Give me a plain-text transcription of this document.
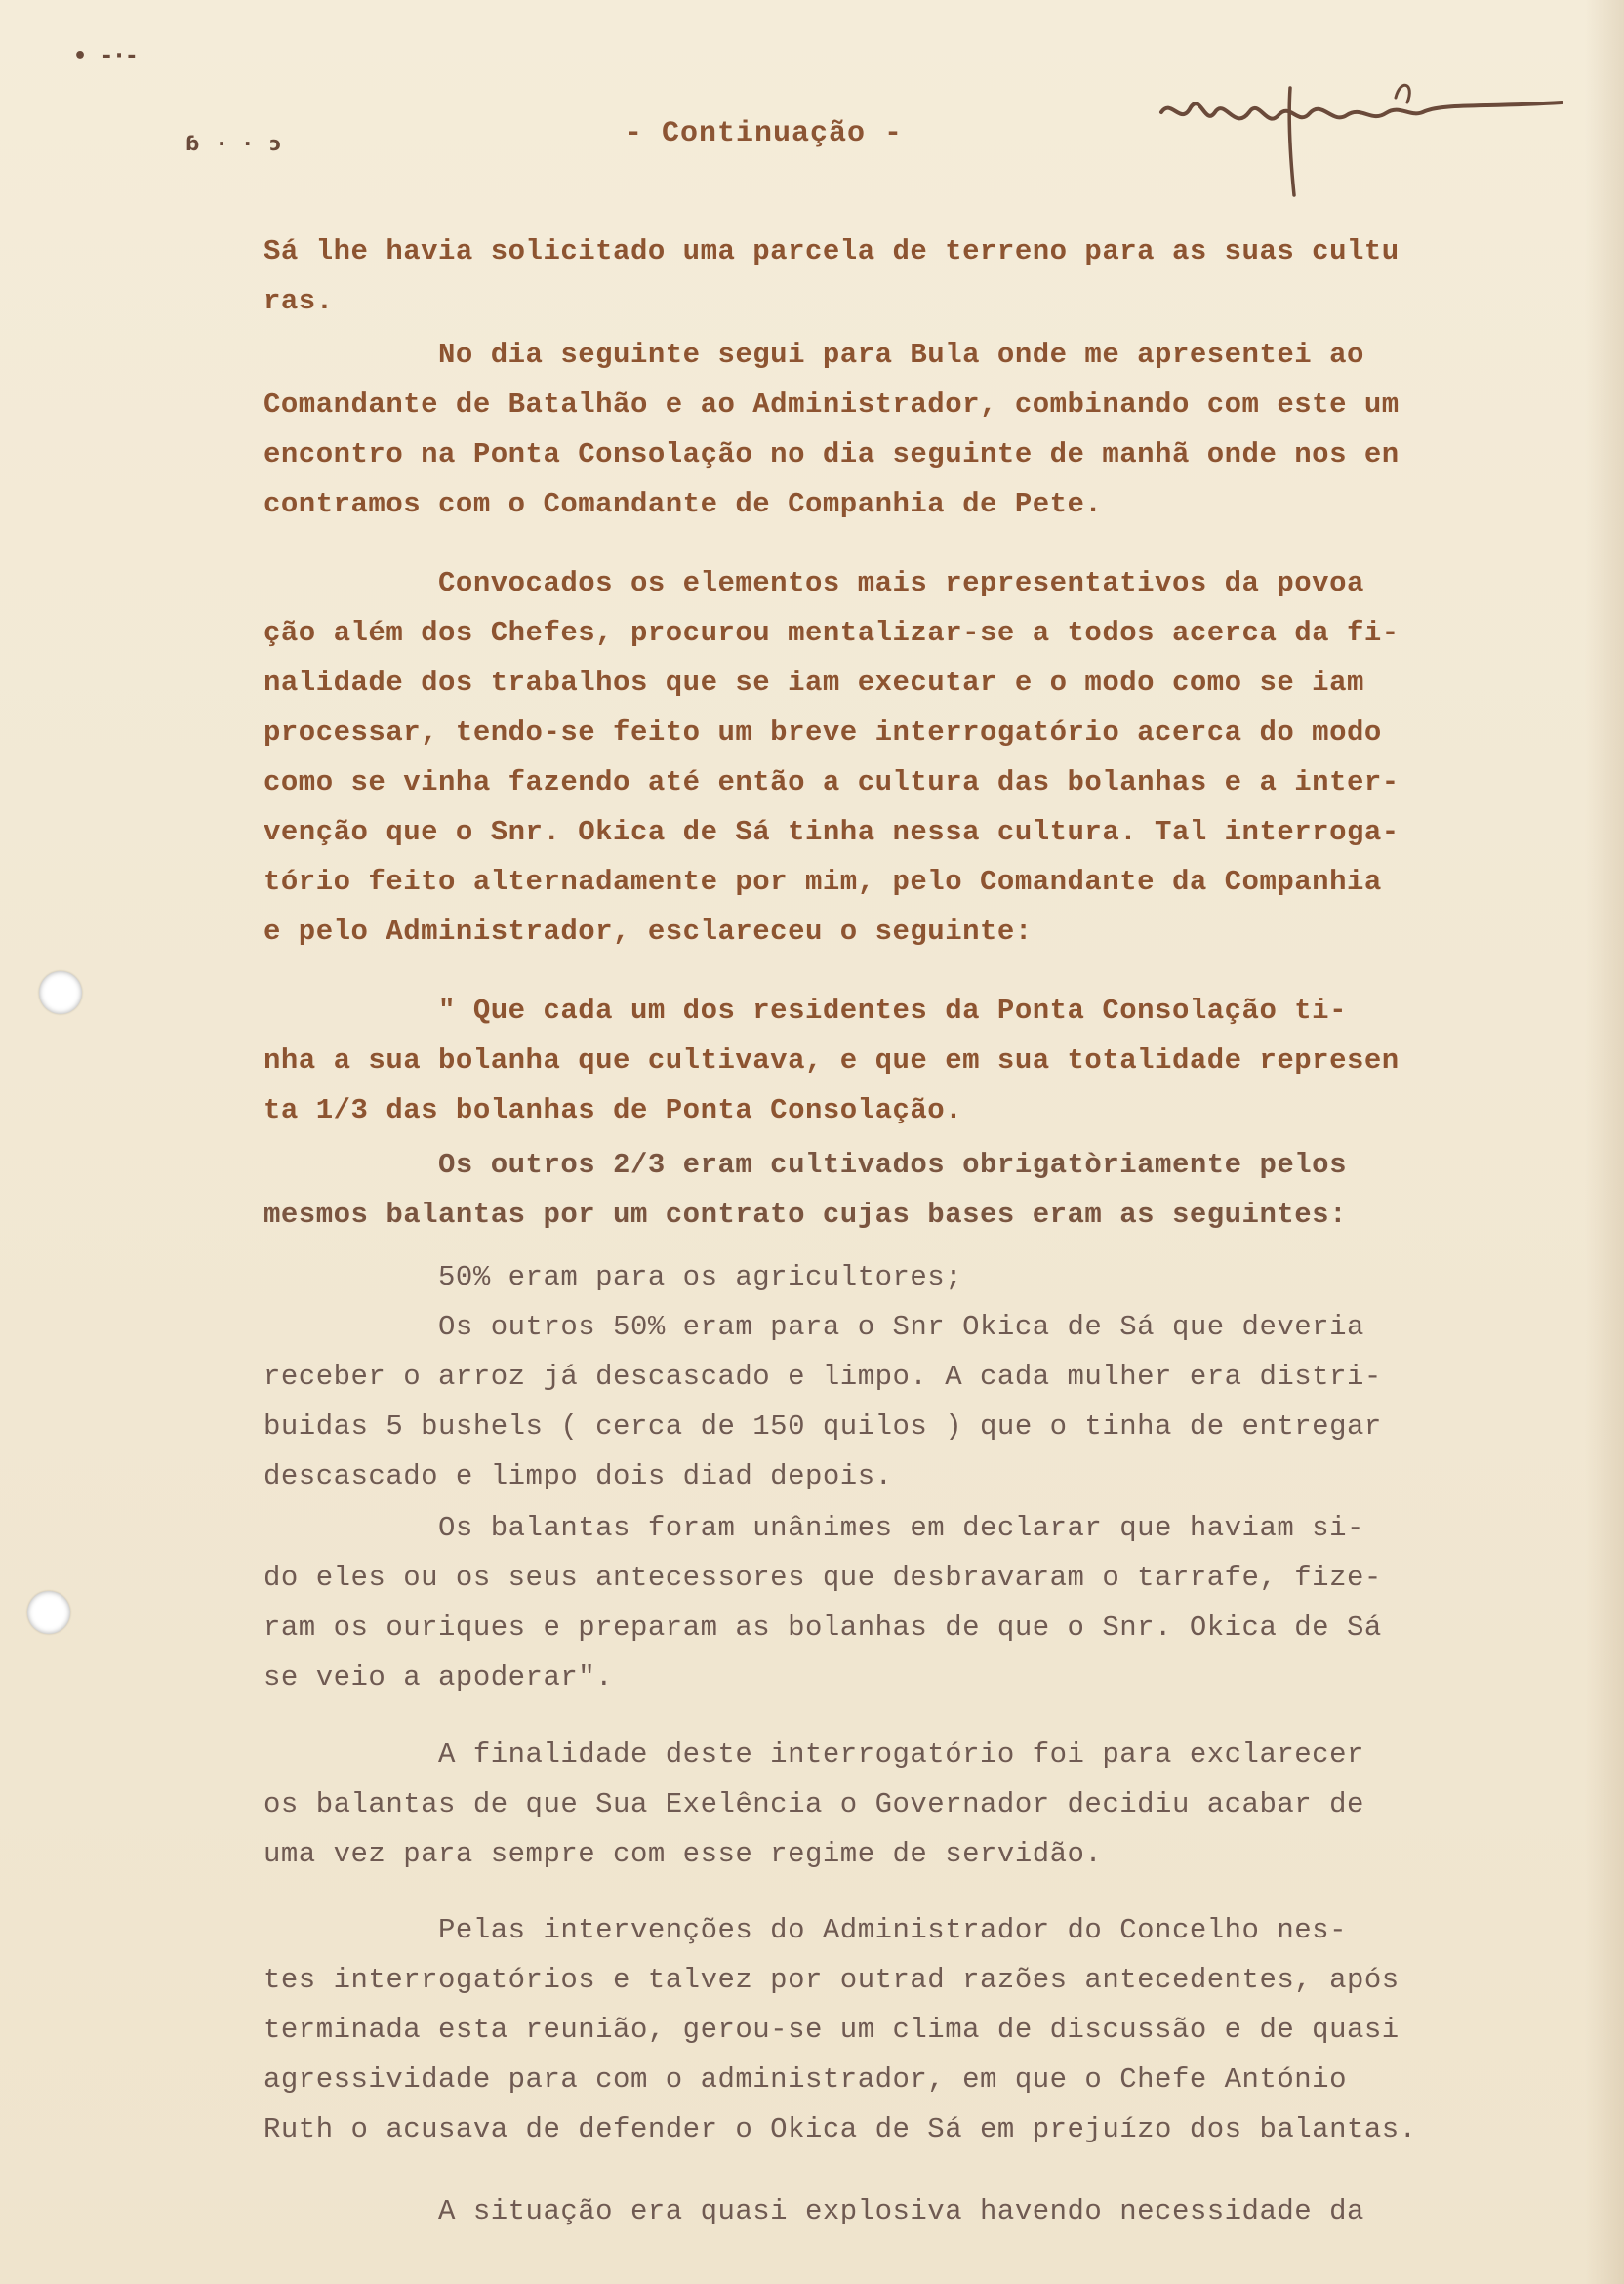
• -·-
ɓ · · ɔ	- Continuação -
Sá lhe havia solicitado uma parcela de terreno para as suas cultu
ras.
No dia seguinte segui para Bula onde me apresentei ao
Comandante de Batalhão e ao Administrador, combinando com este um
encontro na Ponta Consolação no dia seguinte de manhã onde nos en
contramos com o Comandante de Companhia de Pete.
Convocados os elementos mais representativos da povoa
ção além dos Chefes, procurou mentalizar-se a todos acerca da fi-
nalidade dos trabalhos que se iam executar e o modo como se iam
processar, tendo-se feito um breve interrogatório acerca do modo
como se vinha fazendo até então a cultura das bolanhas e a inter-
venção que o Snr. Okica de Sá tinha nessa cultura. Tal interroga-
tório feito alternadamente por mim, pelo Comandante da Companhia
e pelo Administrador, esclareceu o seguinte:
" Que cada um dos residentes da Ponta Consolação ti-
nha a sua bolanha que cultivava, e que em sua totalidade represen
ta 1/3 das bolanhas de Ponta Consolação.
Os outros 2/3 eram cultivados obrigatòriamente pelos
mesmos balantas por um contrato cujas bases eram as seguintes:
50% eram para os agricultores;
Os outros 50% eram para o Snr Okica de Sá que deveria
receber o arroz já descascado e limpo. A cada mulher era distri-
buidas 5 bushels ( cerca de 150 quilos ) que o tinha de entregar
descascado e limpo dois diad depois.
Os balantas foram unânimes em declarar que haviam si-
do eles ou os seus antecessores que desbravaram o tarrafe, fize-
ram os ouriques e preparam as bolanhas de que o Snr. Okica de Sá
se veio a apoderar".
A finalidade deste interrogatório foi para exclarecer
os balantas de que Sua Exelência o Governador decidiu acabar de
uma vez para sempre com esse regime de servidão.
Pelas intervenções do Administrador do Concelho nes-
tes interrogatórios e talvez por outrad razões antecedentes, após
terminada esta reunião, gerou-se um clima de discussão e de quasi
agressividade para com o administrador, em que o Chefe António
Ruth o acusava de defender o Okica de Sá em prejuízo dos balantas.
A situação era quasi explosiva havendo necessidade da
